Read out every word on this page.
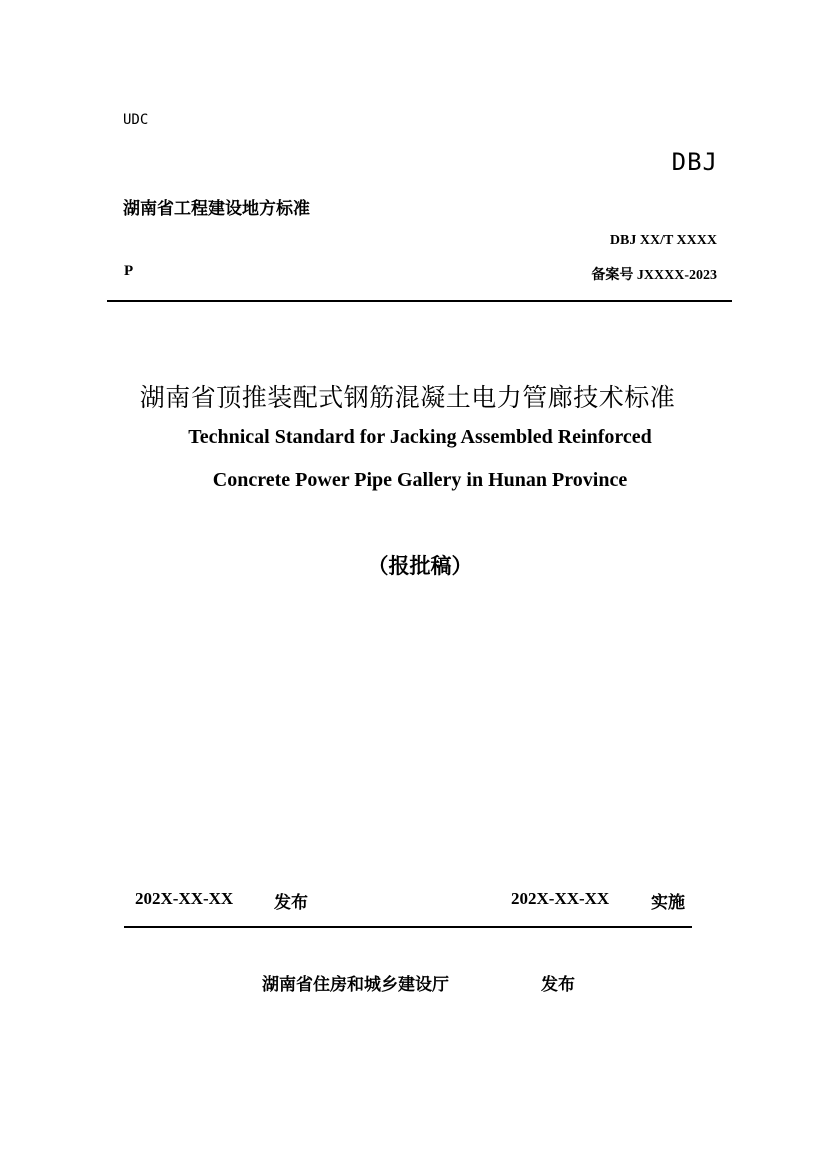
UDC
DBJ
湖南省工程建设地方标准
DBJ XX/T XXXX
P	备案号 JXXXX-2023
湖南省顶推装配式钢筋混凝土电力管廊技术标准
Technical Standard for Jacking Assembled Reinforced
Concrete Power Pipe Gallery in Hunan Province
（报批稿）
202X-XX-XX 发布	202X-XX-XX 实施
湖南省住房和城乡建设厅	发布
